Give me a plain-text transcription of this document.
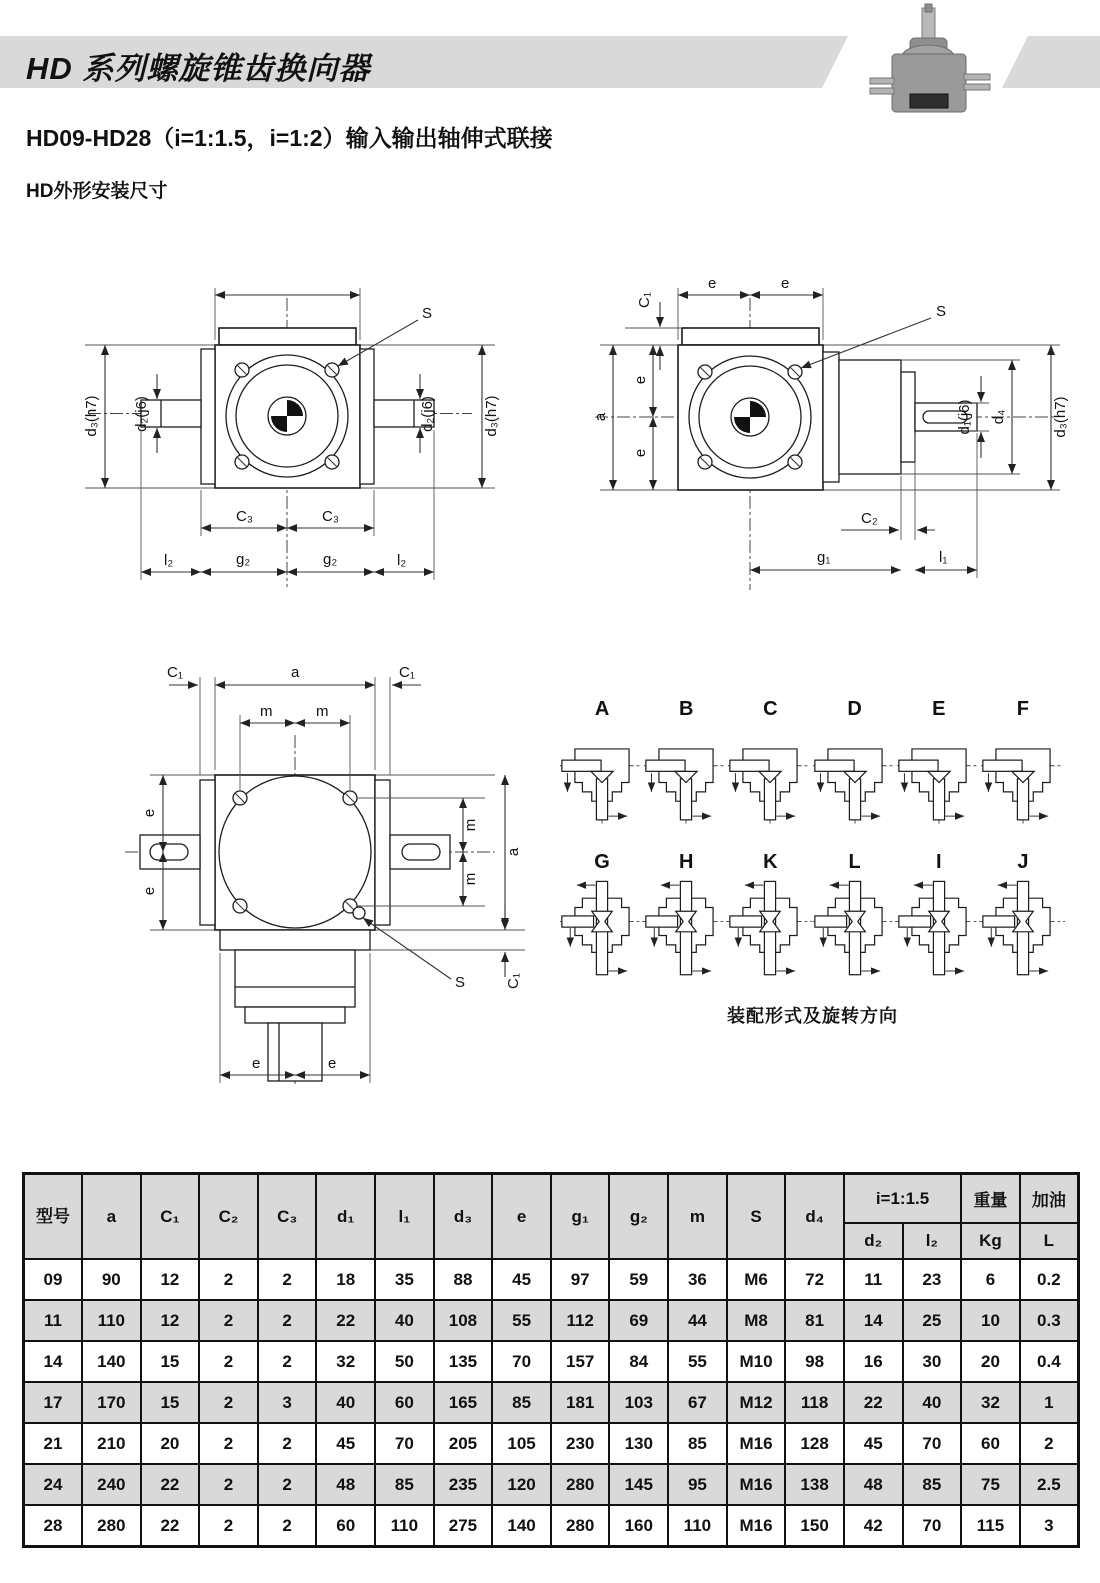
HD 系列螺旋锥齿换向器
HD09-HD28（i=1:1.5，i=1:2）输入输出轴伸式联接
HD外形安装尺寸
S
d₃(h7)	d₃(h7)
d₂(j6)	d₂(j6)
C₃	C₃
l₂	g₂	g₂	l₂
S
C₁
e	e
a
e
e
d₁(j6) d₄	d₃(h7)
C₂
g₁	l₁
S
C₁	a	C₁
m	m
e
e
m
m
a
C₁
e	e
A	B	C	D	E	F
G	H	K	L	I	J
装配形式及旋转方向
型号	a	C₁	C₂	C₃	d₁	l₁	d₃	e	g₁	g₂	m	S	d₄	i=1:1.5		重量	加油
														d₂	l₂	Kg	L
09	90	12	2	2	18	35	88	45	97	59	36	M6	72	11	23	6	0.2
11	110	12	2	2	22	40	108	55	112	69	44	M8	81	14	25	10	0.3
14	140	15	2	2	32	50	135	70	157	84	55	M10	98	16	30	20	0.4
17	170	15	2	3	40	60	165	85	181	103	67	M12	118	22	40	32	1
21	210	20	2	2	45	70	205	105	230	130	85	M16	128	45	70	60	2
24	240	22	2	2	48	85	235	120	280	145	95	M16	138	48	85	75	2.5
28	280	22	2	2	60	110	275	140	280	160	110	M16	150	42	70	115	3
